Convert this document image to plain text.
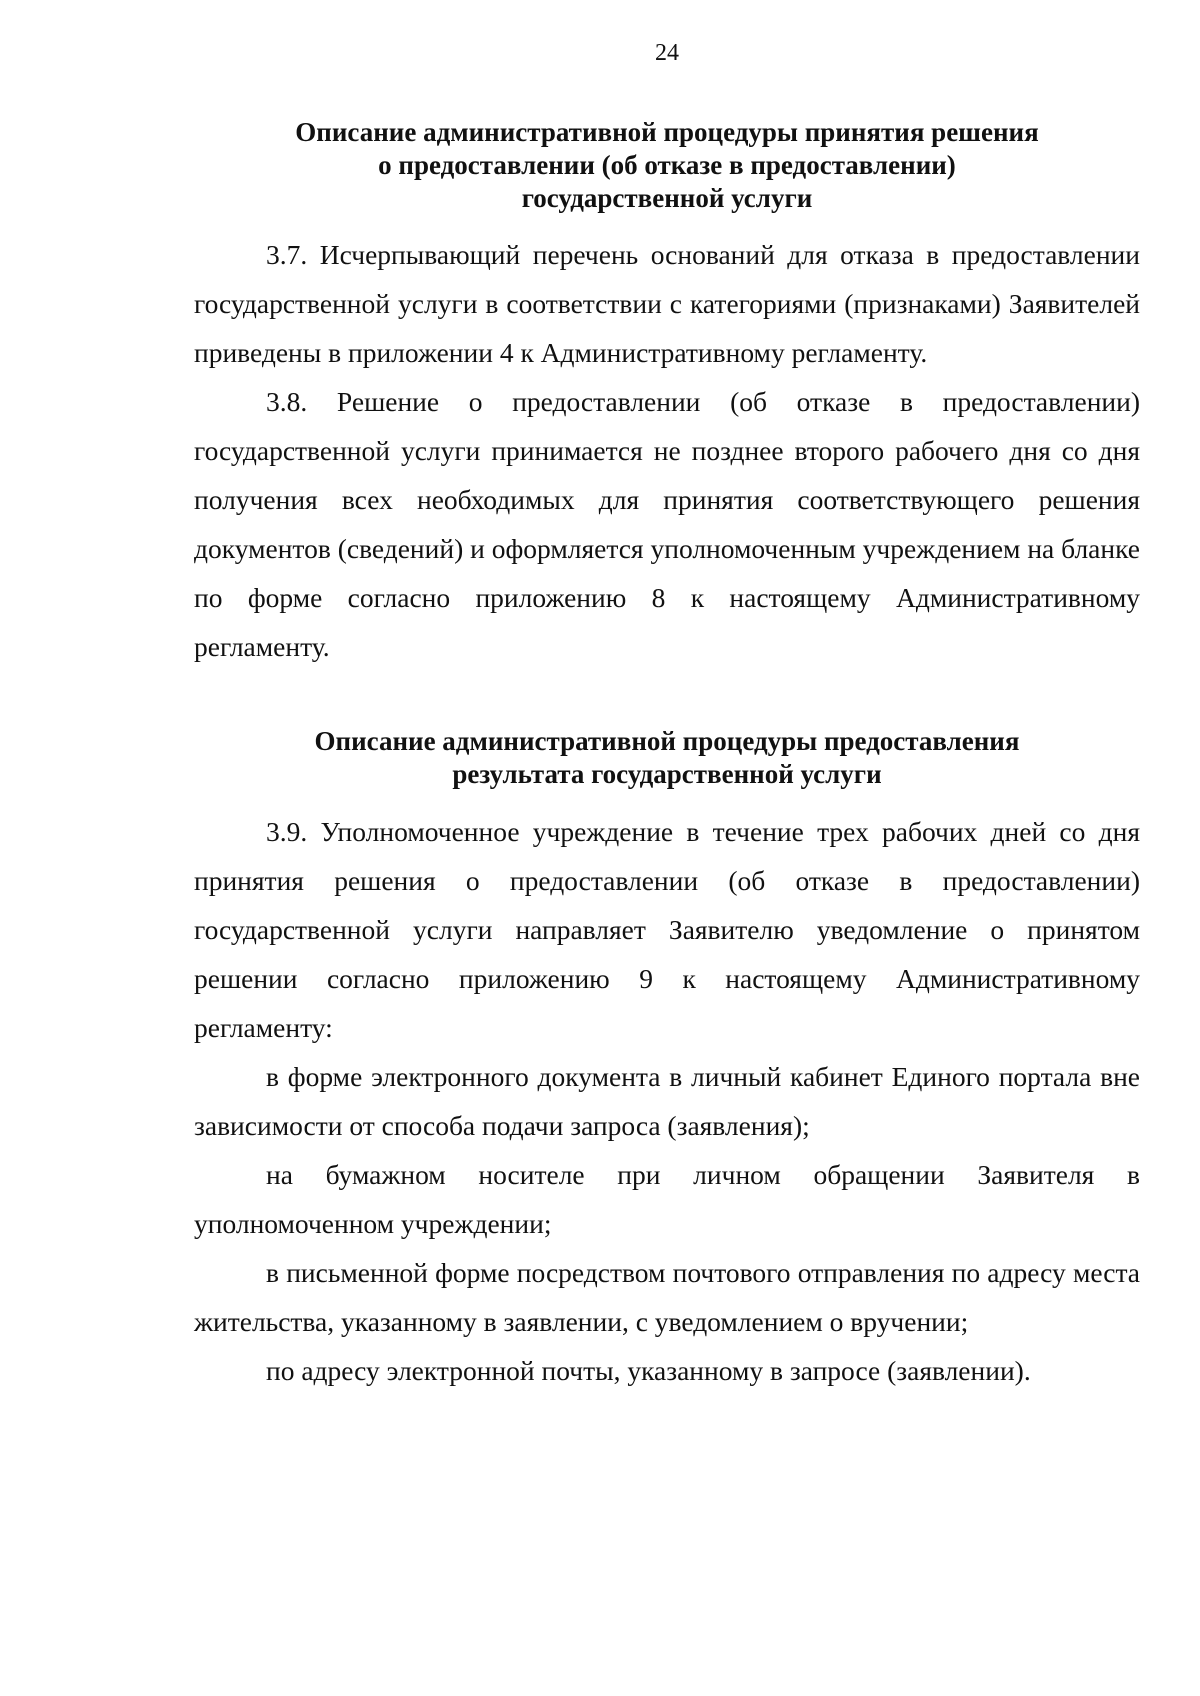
24
Описание административной процедуры принятия решения
о предоставлении (об отказе в предоставлении)
государственной услуги

3.7. Исчерпывающий перечень оснований для отказа в предоставлении государственной услуги в соответствии с категориями (признаками) Заявителей приведены в приложении 4 к Административному регламенту.

3.8. Решение о предоставлении (об отказе в предоставлении) государственной услуги принимается не позднее второго рабочего дня со дня получения всех необходимых для принятия соответствующего решения документов (сведений) и оформляется уполномоченным учреждением на бланке по форме согласно приложению 8 к настоящему Административному регламенту.

Описание административной процедуры предоставления
результата государственной услуги

3.9. Уполномоченное учреждение в течение трех рабочих дней со дня принятия решения о предоставлении (об отказе в предоставлении) государственной услуги направляет Заявителю уведомление о принятом решении согласно приложению 9 к настоящему Административному регламенту:

в форме электронного документа в личный кабинет Единого портала вне зависимости от способа подачи запроса (заявления);

на бумажном носителе при личном обращении Заявителя в уполномоченном учреждении;

в письменной форме посредством почтового отправления по адресу места жительства, указанному в заявлении, с уведомлением о вручении;

по адресу электронной почты, указанному в запросе (заявлении).
